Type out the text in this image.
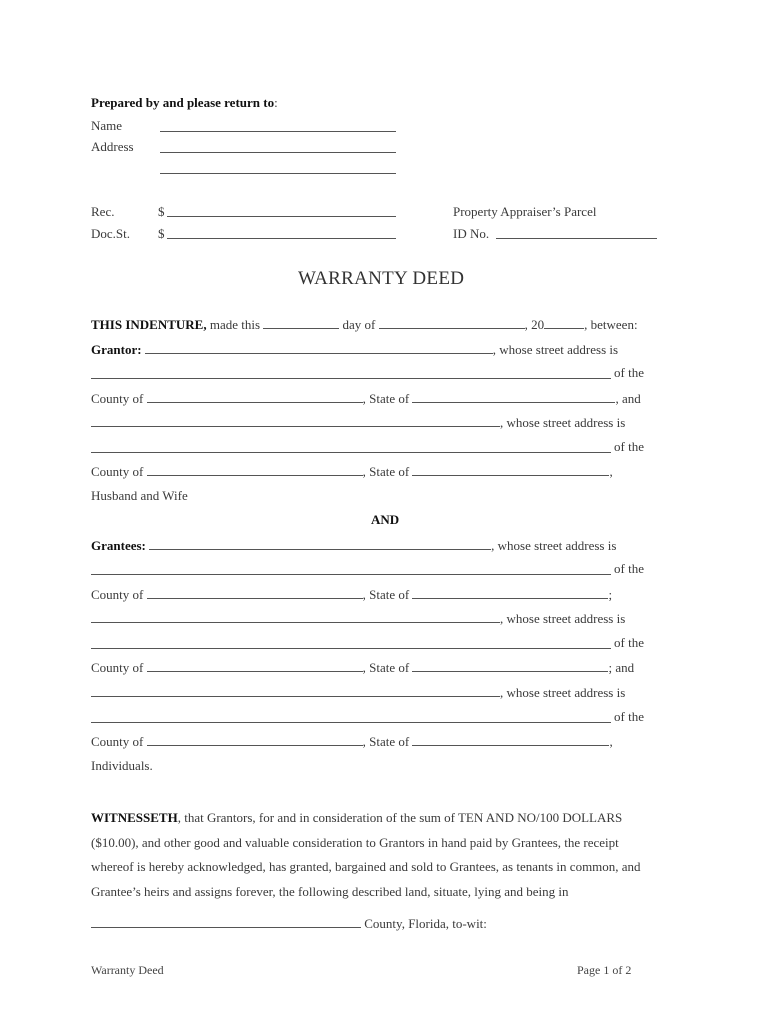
Prepared by and please return to:
Name
Address
Rec.	$
Doc.St. $
Property Appraiser’s Parcel
ID No.
WARRANTY DEED
THIS INDENTURE, made this	day of	, 20	, between:
Grantor:	, whose street address is
of the
County of	, State of	, and
, whose street address is
of the
County of	, State of	,
Husband and Wife
AND
Grantees:	, whose street address is
of the
County of	, State of	;
, whose street address is
of the
County of	, State of	; and
, whose street address is
of the
County of	, State of	,
Individuals.
WITNESSETH, that Grantors, for and in consideration of the sum of TEN AND NO/100 DOLLARS
($10.00), and other good and valuable consideration to Grantors in hand paid by Grantees, the receipt
whereof is hereby acknowledged, has granted, bargained and sold to Grantees, as tenants in common, and
Grantee’s heirs and assigns forever, the following described land, situate, lying and being in
County, Florida, to-wit:
Warranty Deed	Page 1 of 2
